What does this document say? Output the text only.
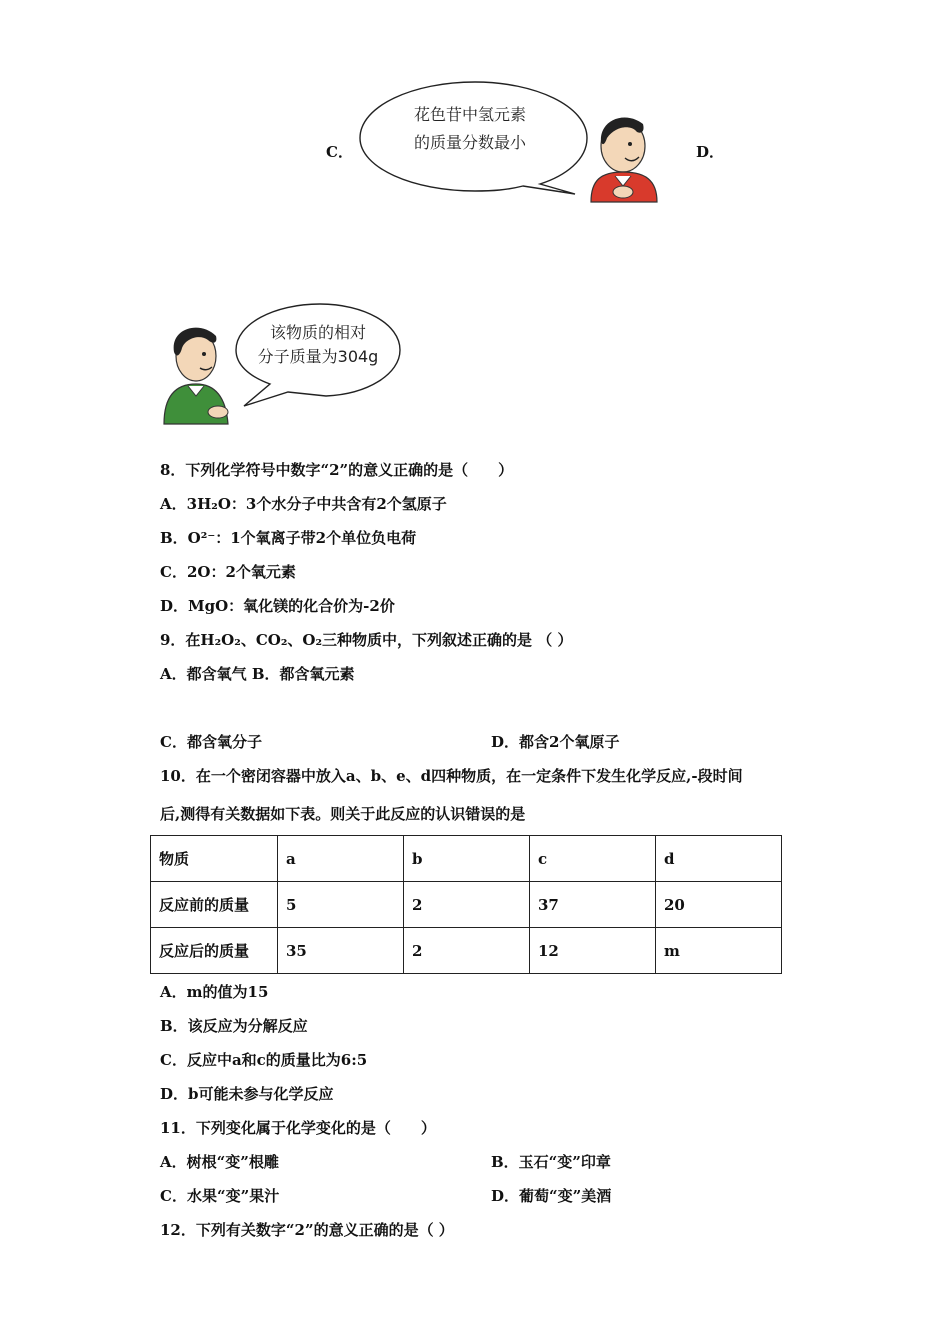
C．
花色苷中氢元素
的质量分数最小	D．
该物质的相对
分子质量为304g
8．下列化学符号中数字“2”的意义正确的是（　　）
A．3H₂O：3个水分子中共含有2个氢原子
B．O²⁻：1个氧离子带2个单位负电荷
C．2O：2个氧元素
D．MgO：氧化镁的化合价为-2价
9．在H₂O₂、CO₂、O₂三种物质中，下列叙述正确的是 （ ）
A．都含氧气 B．都含氧元素
C．都含氧分子	D．都含2个氧原子
10．在一个密闭容器中放入a、b、e、d四种物质，在一定条件下发生化学反应,-段时间
后,测得有关数据如下表。则关于此反应的认识错误的是
物质	a	b	c	d
反应前的质量	5	2	37	20
反应后的质量	35	2	12	m
A．m的值为15
B．该反应为分解反应
C．反应中a和c的质量比为6:5
D．b可能未参与化学反应
11．下列变化属于化学变化的是（　　）
A．树根“变”根雕	B．玉石“变”印章
C．水果“变”果汁	D．葡萄“变”美酒
12．下列有关数字“2”的意义正确的是（ ）
